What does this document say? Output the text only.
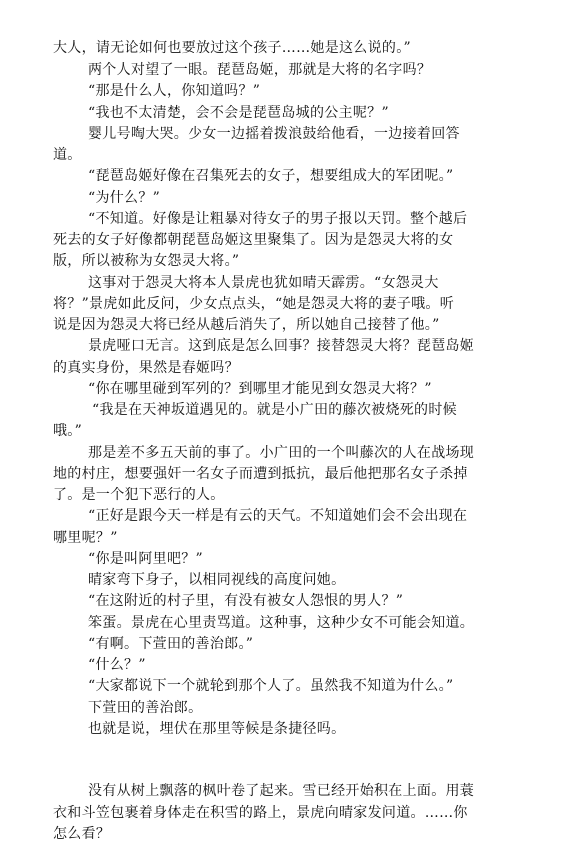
大人，请无论如何也要放过这个孩子……她是这么说的。”
两个人对望了一眼。琵琶岛姬，那就是大将的名字吗？
“那是什么人，你知道吗？”
“我也不太清楚，会不会是琵琶岛城的公主呢？”
婴儿号啕大哭。少女一边摇着拨浪鼓给他看，一边接着回答
道。
“琵琶岛姬好像在召集死去的女子，想要组成大的军团呢。”
“为什么？”
“不知道。好像是让粗暴对待女子的男子报以天罚。整个越后
死去的女子好像都朝琵琶岛姬这里聚集了。因为是怨灵大将的女
版，所以被称为女怨灵大将。”
这事对于怨灵大将本人景虎也犹如晴天霹雳。“女怨灵大
将？”景虎如此反问，少女点点头，“她是怨灵大将的妻子哦。听
说是因为怨灵大将已经从越后消失了，所以她自己接替了他。”
景虎哑口无言。这到底是怎么回事？接替怨灵大将？琵琶岛姬
的真实身份，果然是春姬吗？
“你在哪里碰到军列的？到哪里才能见到女怨灵大将？”
“我是在天神坂道遇见的。就是小广田的藤次被烧死的时候
哦。”
那是差不多五天前的事了。小广田的一个叫藤次的人在战场现
地的村庄，想要强奸一名女子而遭到抵抗，最后他把那名女子杀掉
了。是一个犯下恶行的人。
“正好是跟今天一样是有云的天气。不知道她们会不会出现在
哪里呢？”
“你是叫阿里吧？”
晴家弯下身子，以相同视线的高度问她。
“在这附近的村子里，有没有被女人怨恨的男人？”
笨蛋。景虎在心里责骂道。这种事，这种少女不可能会知道。
“有啊。下萱田的善治郎。”
“什么？”
“大家都说下一个就轮到那个人了。虽然我不知道为什么。”
下萱田的善治郎。
也就是说，埋伏在那里等候是条捷径吗。
没有从树上飘落的枫叶卷了起来。雪已经开始积在上面。用蓑
衣和斗笠包裹着身体走在积雪的路上，景虎向晴家发问道。……你
怎么看？
